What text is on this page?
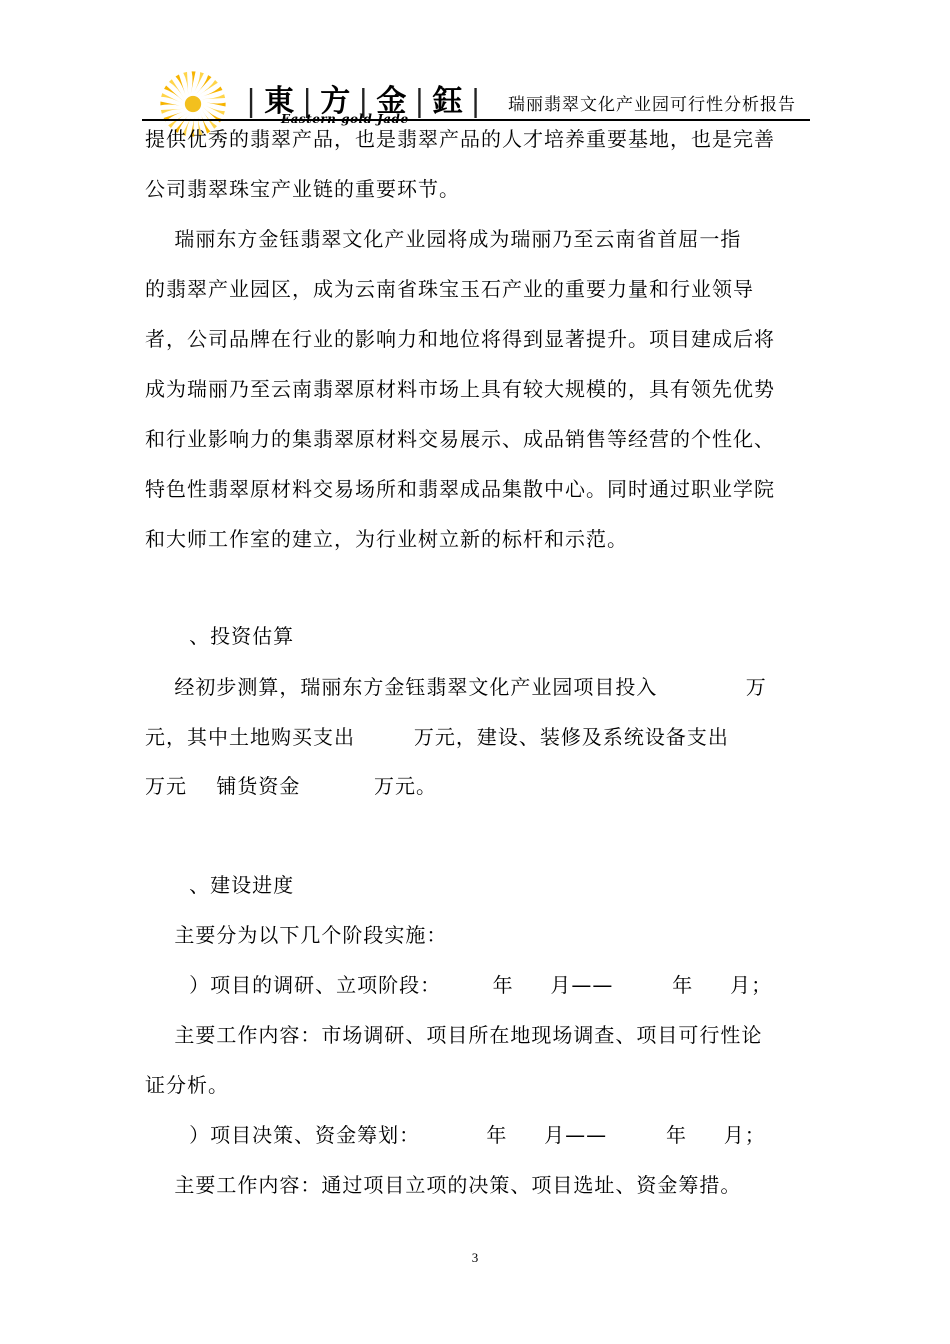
| 東 | 方 | 金 | 鈺 |
Eastern gold Jade
瑞丽翡翠文化产业园可行性分析报告
提供优秀的翡翠产品，也是翡翠产品的人才培养重要基地，也是完善
公司翡翠珠宝产业链的重要环节。
瑞丽东方金钰翡翠文化产业园将成为瑞丽乃至云南省首屈一指
的翡翠产业园区，成为云南省珠宝玉石产业的重要力量和行业领导
者，公司品牌在行业的影响力和地位将得到显著提升。项目建成后将
成为瑞丽乃至云南翡翠原材料市场上具有较大规模的，具有领先优势
和行业影响力的集翡翠原材料交易展示、成品销售等经营的个性化、
特色性翡翠原材料交易场所和翡翠成品集散中心。同时通过职业学院
和大师工作室的建立，为行业树立新的标杆和示范。
、投资估算
经初步测算，瑞丽东方金钰翡翠文化产业园项目投入            万
元，其中土地购买支出        万元，建设、装修及系统设备支出
万元    铺货资金          万元。
、建设进度
主要分为以下几个阶段实施：
）项目的调研、立项阶段：       年     月——        年     月；
主要工作内容：市场调研、项目所在地现场调查、项目可行性论
证分析。
）项目决策、资金筹划：         年     月——        年     月；
主要工作内容：通过项目立项的决策、项目选址、资金筹措。
3
